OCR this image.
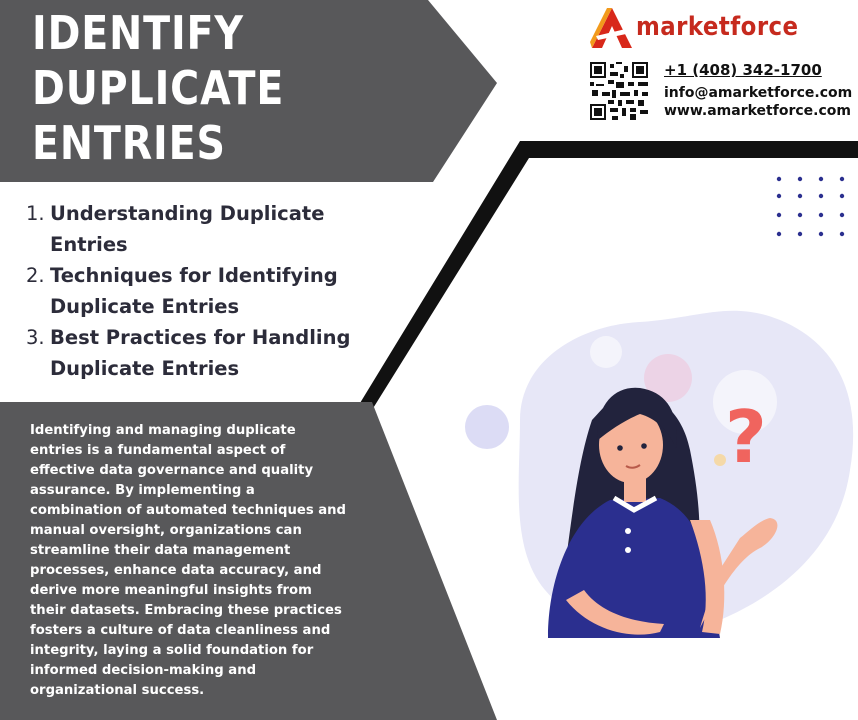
IDENTIFY
DUPLICATE
ENTRIES
marketforce
+1 (408) 342-1700
info@amarketforce.com
www.amarketforce.com
1. Understanding Duplicate Entries
2. Techniques for Identifying Duplicate Entries
3. Best Practices for Handling Duplicate Entries
Identifying and managing duplicate entries is a fundamental aspect of effective data governance and quality assurance. By implementing a combination of automated techniques and manual oversight, organizations can streamline their data management processes, enhance data accuracy, and derive more meaningful insights from their datasets. Embracing these practices fosters a culture of data cleanliness and integrity, laying a solid foundation for informed decision-making and organizational success.
?
